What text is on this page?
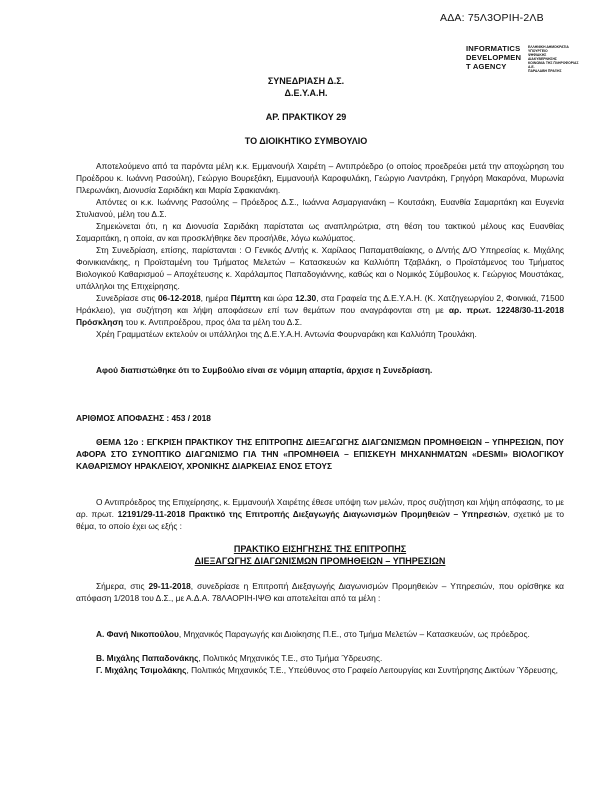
ΑΔΑ: 75Λ3ΟΡΙΗ-2ΛΒ
INFORMATICS
DEVELOPMEN
T AGENCY
ΕΛΛΗΝΙΚΗ ΔΗΜΟΚΡΑΤΙΑ
ΥΠΟΥΡΓΕΙΟ
ΨΗΦΙΑΚΗΣ
ΔΙΑΚΥΒΕΡΝΗΣΗΣ
ΚΟΙΝΩΝΙΑ ΤΗΣ ΠΛΗΡΟΦΟΡΙΑΣ
Α.Ε.
ΠΑΡΑΛΑΒΗ ΠΡΑΞΗΣ
ΣΥΝΕΔΡΙΑΣΗ Δ.Σ.
Δ.Ε.Υ.Α.Η.
ΑΡ. ΠΡΑΚΤΙΚΟΥ 29
ΤΟ ΔΙΟΙΚΗΤΙΚΟ ΣΥΜΒΟΥΛΙΟ
Αποτελούμενο από τα παρόντα μέλη κ.κ. Εμμανουήλ Χαιρέτη – Αντιπρόεδρο (ο οποίος προεδρεύει μετά την αποχώρηση του Προέδρου κ. Ιωάννη Ρασούλη), Γεώργιο Βουρεξάκη, Εμμανουήλ Καροφυλάκη, Γεώργιο Λιαντράκη, Γρηγόρη Μακαρόνα, Μυρωνία Πλερωνάκη, Διονυσία Σαριδάκη και Μαρία Σφακιανάκη.
Απόντες οι κ.κ. Ιωάννης Ρασούλης – Πρόεδρος Δ.Σ., Ιωάννα Ασμαργιανάκη – Κουτσάκη, Ευανθία Σαμαριτάκη και Ευγενία Στυλιανού, μέλη του Δ.Σ.
Σημειώνεται ότι, η κα Διονυσία Σαριδάκη παρίσταται ως αναπληρώτρια, στη θέση του τακτικού μέλους κας Ευανθίας Σαμαριτάκη, η οποία, αν και προσκλήθηκε δεν προσήλθε, λόγω κωλύματος.
Στη Συνεδρίαση, επίσης, παρίστανται : Ο Γενικός Δ/ντής κ. Χαρίλαος Παπαματθαίακης, ο Δ/ντής Δ/Ο Υπηρεσίας κ. Μιχάλης Φοινικιανάκης, η Προϊσταμένη του Τμήματος Μελετών – Κατασκευών κα Καλλιόπη Τζαβλάκη, ο Προϊστάμενος του Τμήματος Βιολογικού Καθαρισμού – Αποχέτευσης κ. Χαράλαμπος Παπαδογιάννης, καθώς και ο Νομικός Σύμβουλος κ. Γεώργιος Μουστάκας, υπάλληλοι της Επιχείρησης.
Συνεδρίασε στις 06-12-2018, ημέρα Πέμπτη και ώρα 12.30, στα Γραφεία της Δ.Ε.Υ.Α.Η. (Κ. Χατζηγεωργίου 2, Φοινικιά, 71500 Ηράκλειο), για συζήτηση και λήψη αποφάσεων επί των θεμάτων που αναγράφονται στη με αρ. πρωτ. 12248/30-11-2018 Πρόσκληση του κ. Αντιπροέδρου, προς όλα τα μέλη του Δ.Σ.
Χρέη Γραμματέων εκτελούν οι υπάλληλοι της Δ.Ε.Υ.Α.Η. Αντωνία Φουρναράκη και Καλλιόπη Τρουλάκη.
Αφού διαπιστώθηκε ότι το Συμβούλιο είναι σε νόμιμη απαρτία, άρχισε η Συνεδρίαση.
ΑΡΙΘΜΟΣ ΑΠΟΦΑΣΗΣ : 453 / 2018
ΘΕΜΑ 12ο : ΕΓΚΡΙΣΗ ΠΡΑΚΤΙΚΟΥ ΤΗΣ ΕΠΙΤΡΟΠΗΣ ΔΙΕΞΑΓΩΓΗΣ ΔΙΑΓΩΝΙΣΜΩΝ ΠΡΟΜΗΘΕΙΩΝ – ΥΠΗΡΕΣΙΩΝ, ΠΟΥ ΑΦΟΡΑ ΣΤΟ ΣΥΝΟΠΤΙΚΟ ΔΙΑΓΩΝΙΣΜΟ ΓΙΑ ΤΗΝ «ΠΡΟΜΗΘΕΙΑ – ΕΠΙΣΚΕΥΗ ΜΗΧΑΝΗΜΑΤΩΝ «DESMI» ΒΙΟΛΟΓΙΚΟΥ ΚΑΘΑΡΙΣΜΟΥ ΗΡΑΚΛΕΙΟΥ, ΧΡΟΝΙΚΗΣ ΔΙΑΡΚΕΙΑΣ ΕΝΟΣ ΕΤΟΥΣ
Ο Αντιπρόεδρος της Επιχείρησης, κ. Εμμανουήλ Χαιρέτης έθεσε υπόψη των μελών, προς συζήτηση και λήψη απόφασης, το με αρ. πρωτ. 12191/29-11-2018 Πρακτικό της Επιτροπής Διεξαγωγής Διαγωνισμών Προμηθειών – Υπηρεσιών, σχετικό με το θέμα, το οποίο έχει ως εξής :
ΠΡΑΚΤΙΚΟ ΕΙΣΗΓΗΣΗΣ ΤΗΣ ΕΠΙΤΡΟΠΗΣ
ΔΙΕΞΑΓΩΓΗΣ ΔΙΑΓΩΝΙΣΜΩΝ ΠΡΟΜΗΘΕΙΩΝ – ΥΠΗΡΕΣΙΩΝ
Σήμερα, στις 29-11-2018, συνεδρίασε η Επιτροπή Διεξαγωγής Διαγωνισμών Προμηθειών – Υπηρεσιών, που ορίσθηκε κα απόφαση 1/2018 του Δ.Σ., με Α.Δ.Α. 78ΛΑΟΡΙΗ-ΙΨΘ και αποτελείται από τα μέλη :
Α. Φανή Νικοπούλου, Μηχανικός Παραγωγής και Διοίκησης Π.Ε., στο Τμήμα Μελετών – Κατασκευών, ως πρόεδρος.
Β. Μιχάλης Παπαδονάκης, Πολιτικός Μηχανικός Τ.Ε., στο Τμήμα Ύδρευσης.
Γ. Μιχάλης Τσιμολάκης, Πολιτικός Μηχανικός Τ.Ε., Υπεύθυνος στο Γραφείο Λειτουργίας και Συντήρησης Δικτύων Ύδρευσης,
